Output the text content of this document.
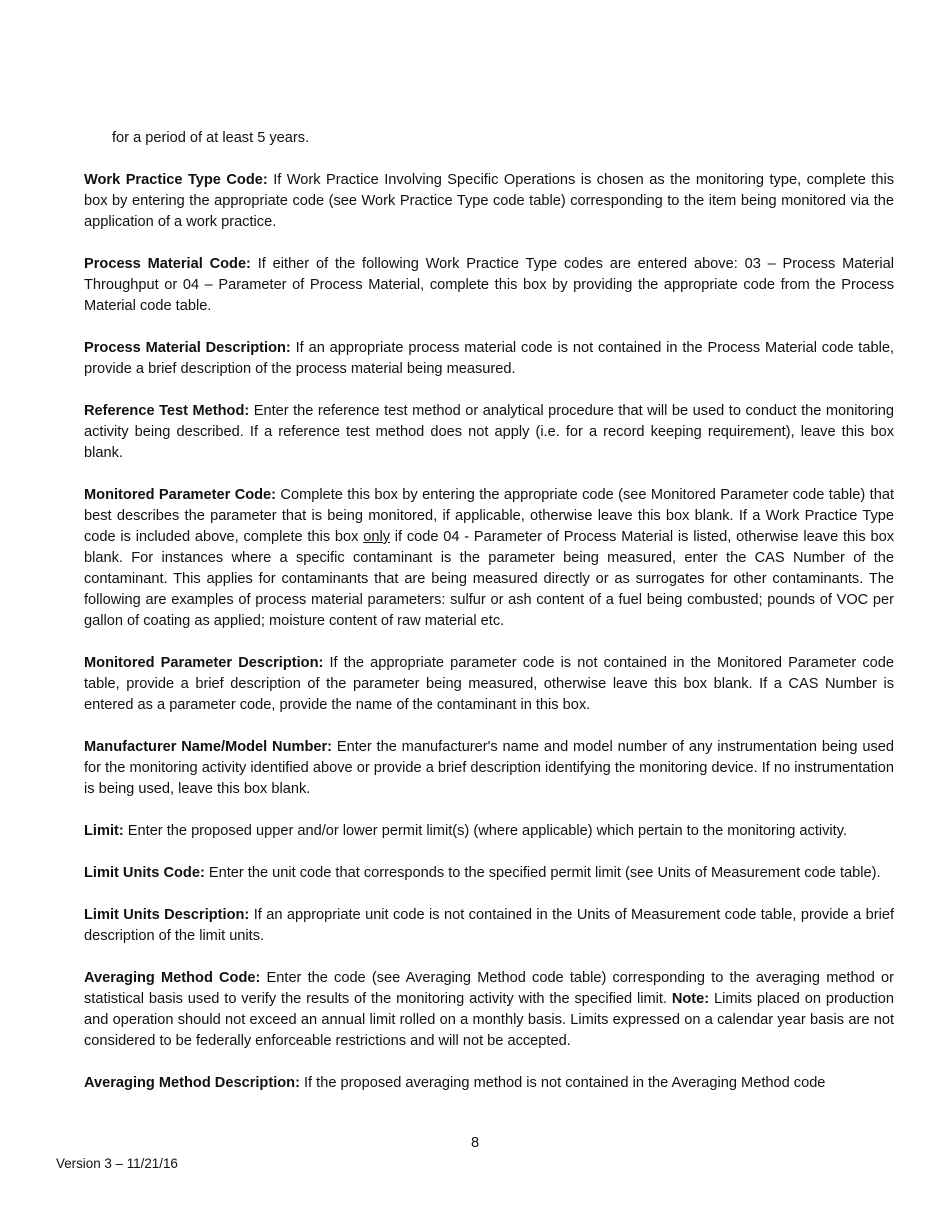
for a period of at least 5 years.

Work Practice Type Code: If Work Practice Involving Specific Operations is chosen as the monitoring type, complete this box by entering the appropriate code (see Work Practice Type code table) corresponding to the item being monitored via the application of a work practice.

Process Material Code: If either of the following Work Practice Type codes are entered above: 03 – Process Material Throughput or 04 – Parameter of Process Material, complete this box by providing the appropriate code from the Process Material code table.

Process Material Description: If an appropriate process material code is not contained in the Process Material code table, provide a brief description of the process material being measured.

Reference Test Method: Enter the reference test method or analytical procedure that will be used to conduct the monitoring activity being described. If a reference test method does not apply (i.e. for a record keeping requirement), leave this box blank.

Monitored Parameter Code: Complete this box by entering the appropriate code (see Monitored Parameter code table) that best describes the parameter that is being monitored, if applicable, otherwise leave this box blank. If a Work Practice Type code is included above, complete this box only if code 04 - Parameter of Process Material is listed, otherwise leave this box blank. For instances where a specific contaminant is the parameter being measured, enter the CAS Number of the contaminant. This applies for contaminants that are being measured directly or as surrogates for other contaminants. The following are examples of process material parameters: sulfur or ash content of a fuel being combusted; pounds of VOC per gallon of coating as applied; moisture content of raw material etc.

Monitored Parameter Description: If the appropriate parameter code is not contained in the Monitored Parameter code table, provide a brief description of the parameter being measured, otherwise leave this box blank. If a CAS Number is entered as a parameter code, provide the name of the contaminant in this box.

Manufacturer Name/Model Number: Enter the manufacturer's name and model number of any instrumentation being used for the monitoring activity identified above or provide a brief description identifying the monitoring device. If no instrumentation is being used, leave this box blank.

Limit: Enter the proposed upper and/or lower permit limit(s) (where applicable) which pertain to the monitoring activity.

Limit Units Code: Enter the unit code that corresponds to the specified permit limit (see Units of Measurement code table).

Limit Units Description: If an appropriate unit code is not contained in the Units of Measurement code table, provide a brief description of the limit units.

Averaging Method Code: Enter the code (see Averaging Method code table) corresponding to the averaging method or statistical basis used to verify the results of the monitoring activity with the specified limit. Note: Limits placed on production and operation should not exceed an annual limit rolled on a monthly basis. Limits expressed on a calendar year basis are not considered to be federally enforceable restrictions and will not be accepted.

Averaging Method Description: If the proposed averaging method is not contained in the Averaging Method code

8
Version 3 – 11/21/16
